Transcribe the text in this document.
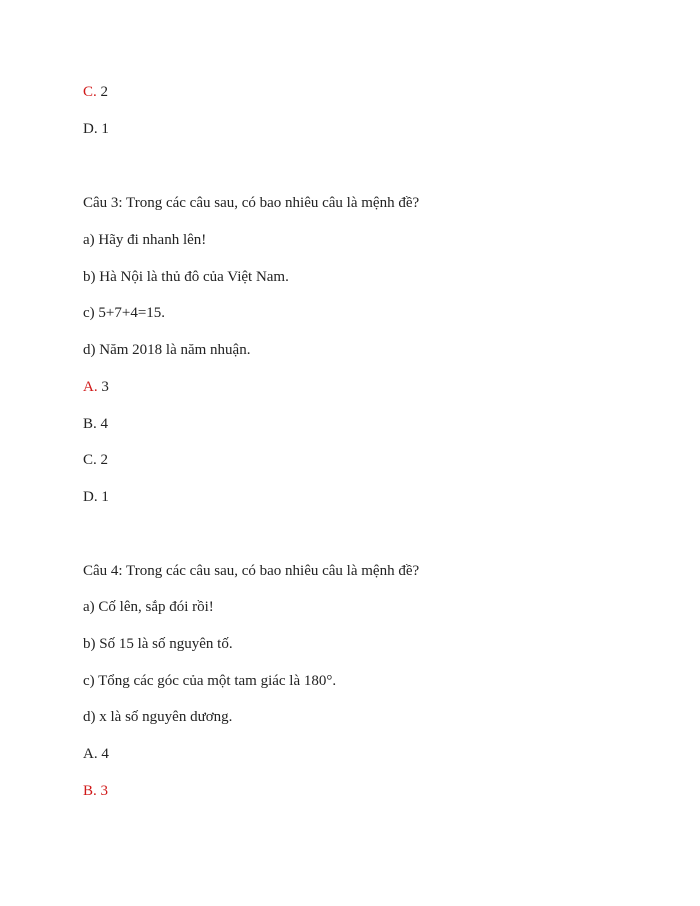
C. 2
D. 1
Câu 3: Trong các câu sau, có bao nhiêu câu là mệnh đề?
a) Hãy đi nhanh lên!
b) Hà Nội là thủ đô của Việt Nam.
c) 5+7+4=15.
d) Năm 2018 là năm nhuận.
A. 3
B. 4
C. 2
D. 1
Câu 4: Trong các câu sau, có bao nhiêu câu là mệnh đề?
a) Cố lên, sắp đói rồi!
b) Số 15 là số nguyên tố.
c) Tổng các góc của một tam giác là 180°.
d) x là số nguyên dương.
A. 4
B. 3
